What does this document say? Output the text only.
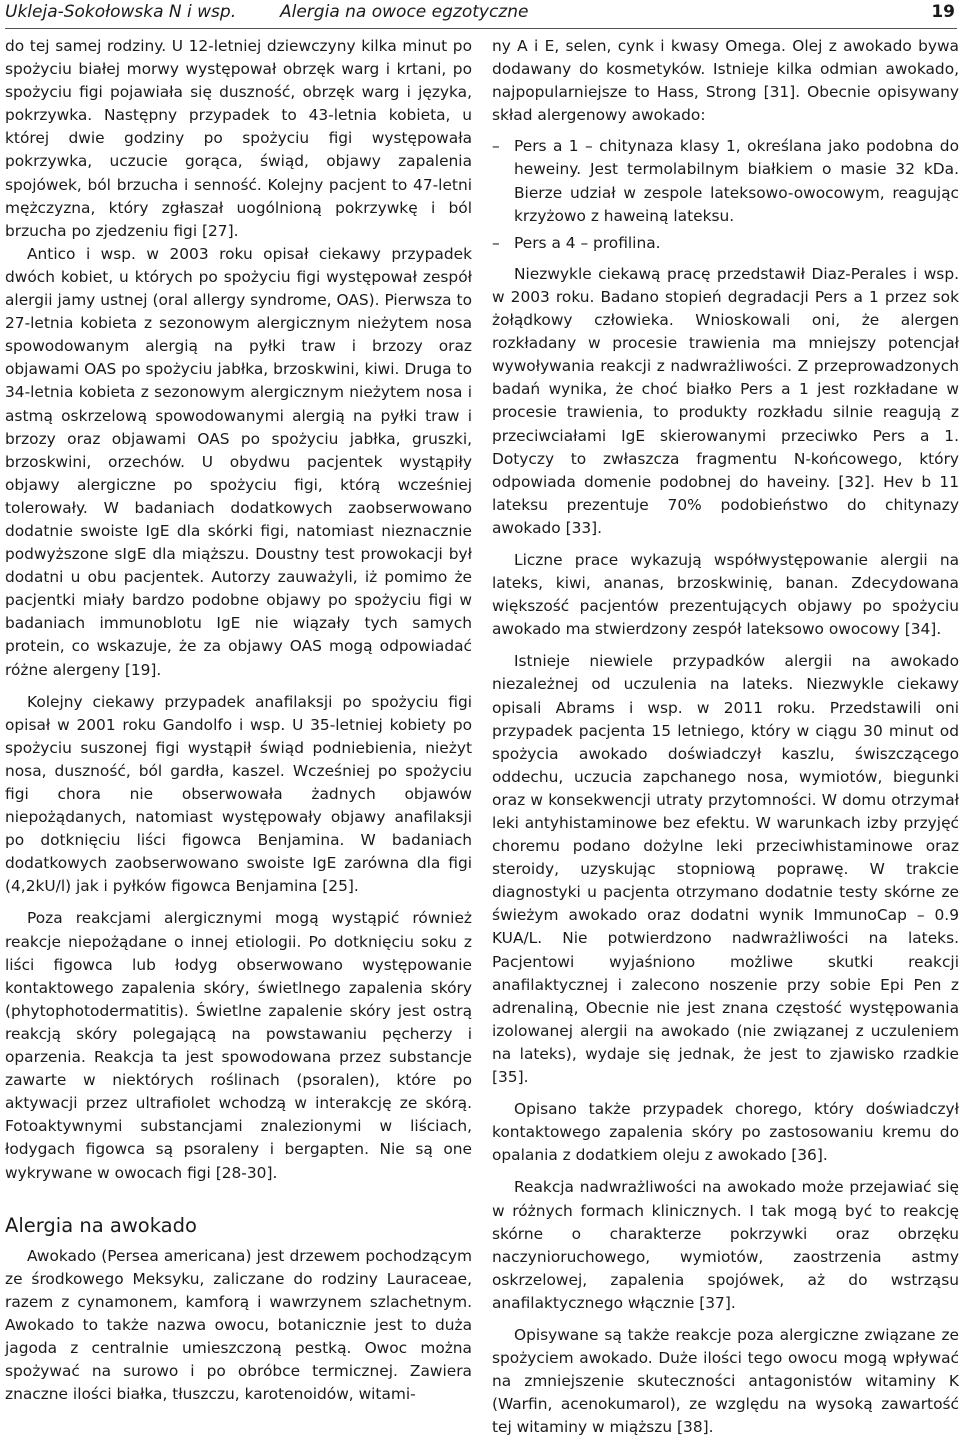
Ukleja-Sokołowska N i wsp.	Alergia na owoce egzotyczne	19

do tej samej rodziny. U 12-letniej dziewczyny kilka minut po spożyciu białej morwy występował obrzęk warg i krtani, po spożyciu figi pojawiała się duszność, obrzęk warg i języka, pokrzywka. Następny przypadek to 43-letnia kobieta, u której dwie godziny po spożyciu figi występowała pokrzywka, uczucie gorąca, świąd, objawy zapalenia spojówek, ból brzucha i senność. Kolejny pacjent to 47-letni mężczyzna, który zgłaszał uogólnioną pokrzywkę i ból brzucha po zjedzeniu figi [27].

Antico i wsp. w 2003 roku opisał ciekawy przypadek dwóch kobiet, u których po spożyciu figi występował zespół alergii jamy ustnej (oral allergy syndrome, OAS). Pierwsza to 27-letnia kobieta z sezonowym alergicznym nieżytem nosa spowodowanym alergią na pyłki traw i brzozy oraz objawami OAS po spożyciu jabłka, brzoskwini, kiwi. Druga to 34-letnia kobieta z sezonowym alergicznym nieżytem nosa i astmą oskrzelową spowodowanymi alergią na pyłki traw i brzozy oraz objawami OAS po spożyciu jabłka, gruszki, brzoskwini, orzechów. U obydwu pacjentek wystąpiły objawy alergiczne po spożyciu figi, którą wcześniej tolerowały. W badaniach dodatkowych zaobserwowano dodatnie swoiste IgE dla skórki figi, natomiast nieznacznie podwyższone sIgE dla miąższu. Doustny test prowokacji był dodatni u obu pacjentek. Autorzy zauważyli, iż pomimo że pacjentki miały bardzo podobne objawy po spożyciu figi w badaniach immunoblotu IgE nie wiązały tych samych protein, co wskazuje, że za objawy OAS mogą odpowiadać różne alergeny [19].

Kolejny ciekawy przypadek anafilaksji po spożyciu figi opisał w 2001 roku Gandolfo i wsp. U 35-letniej kobiety po spożyciu suszonej figi wystąpił świąd podniebienia, nieżyt nosa, duszność, ból gardła, kaszel. Wcześniej po spożyciu figi chora nie obserwowała żadnych objawów niepożądanych, natomiast występowały objawy anafilaksji po dotknięciu liści figowca Benjamina. W badaniach dodatkowych zaobserwowano swoiste IgE zarówna dla figi (4,2kU/l) jak i pyłków figowca Benjamina [25].

Poza reakcjami alergicznymi mogą wystąpić również reakcje niepożądane o innej etiologii. Po dotknięciu soku z liści figowca lub łodyg obserwowano występowanie kontaktowego zapalenia skóry, świetlnego zapalenia skóry (phytophotodermatitis). Świetlne zapalenie skóry jest ostrą reakcją skóry polegającą na powstawaniu pęcherzy i oparzenia. Reakcja ta jest spowodowana przez substancje zawarte w niektórych roślinach (psoralen), które po aktywacji przez ultrafiolet wchodzą w interakcję ze skórą. Fotoaktywnymi substancjami znalezionymi w liściach, łodygach figowca są psoraleny i bergapten. Nie są one wykrywane w owocach figi [28-30].

Alergia na awokado

Awokado (Persea americana) jest drzewem pochodzącym ze środkowego Meksyku, zaliczane do rodziny Lauraceae, razem z cynamonem, kamforą i wawrzynem szlachetnym. Awokado to także nazwa owocu, botanicznie jest to duża jagoda z centralnie umieszczoną pestką. Owoc można spożywać na surowo i po obróbce termicznej. Zawiera znaczne ilości białka, tłuszczu, karotenoidów, witami-

ny A i E, selen, cynk i kwasy Omega. Olej z awokado bywa dodawany do kosmetyków. Istnieje kilka odmian awokado, najpopularniejsze to Hass, Strong [31]. Obecnie opisywany skład alergenowy awokado:

– Pers a 1 – chitynaza klasy 1, określana jako podobna do heweiny. Jest termolabilnym białkiem o masie 32 kDa. Bierze udział w zespole lateksowo-owocowym, reagując krzyżowo z haweiną lateksu.
– Pers a 4 – profilina.

Niezwykle ciekawą pracę przedstawił Diaz-Perales i wsp. w 2003 roku. Badano stopień degradacji Pers a 1 przez sok żołądkowy człowieka. Wnioskowali oni, że alergen rozkładany w procesie trawienia ma mniejszy potencjał wywoływania reakcji z nadwrażliwości. Z przeprowadzonych badań wynika, że choć białko Pers a 1 jest rozkładane w procesie trawienia, to produkty rozkładu silnie reagują z przeciwciałami IgE skierowanymi przeciwko Pers a 1. Dotyczy to zwłaszcza fragmentu N-końcowego, który odpowiada domenie podobnej do haveiny. [32]. Hev b 11 lateksu prezentuje 70% podobieństwo do chitynazy awokado [33].

Liczne prace wykazują współwystępowanie alergii na lateks, kiwi, ananas, brzoskwinię, banan. Zdecydowana większość pacjentów prezentujących objawy po spożyciu awokado ma stwierdzony zespół lateksowo owocowy [34].

Istnieje niewiele przypadków alergii na awokado niezależnej od uczulenia na lateks. Niezwykle ciekawy opisali Abrams i wsp. w 2011 roku. Przedstawili oni przypadek pacjenta 15 letniego, który w ciągu 30 minut od spożycia awokado doświadczył kaszlu, świszczącego oddechu, uczucia zapchanego nosa, wymiotów, biegunki oraz w konsekwencji utraty przytomności. W domu otrzymał leki antyhistaminowe bez efektu. W warunkach izby przyjęć choremu podano dożylne leki przeciwhistaminowe oraz steroidy, uzyskując stopniową poprawę. W trakcie diagnostyki u pacjenta otrzymano dodatnie testy skórne ze świeżym awokado oraz dodatni wynik ImmunoCap – 0.9 KUA/L. Nie potwierdzono nadwrażliwości na lateks. Pacjentowi wyjaśniono możliwe skutki reakcji anafilaktycznej i zalecono noszenie przy sobie Epi Pen z adrenaliną, Obecnie nie jest znana częstość występowania izolowanej alergii na awokado (nie związanej z uczuleniem na lateks), wydaje się jednak, że jest to zjawisko rzadkie [35].

Opisano także przypadek chorego, który doświadczył kontaktowego zapalenia skóry po zastosowaniu kremu do opalania z dodatkiem oleju z awokado [36].

Reakcja nadwrażliwości na awokado może przejawiać się w różnych formach klinicznych. I tak mogą być to reakcję skórne o charakterze pokrzywki oraz obrzęku naczynioruchowego, wymiotów, zaostrzenia astmy oskrzelowej, zapalenia spojówek, aż do wstrząsu anafilaktycznego włącznie [37].

Opisywane są także reakcje poza alergiczne związane ze spożyciem awokado. Duże ilości tego owocu mogą wpływać na zmniejszenie skuteczności antagonistów witaminy K (Warfin, acenokumarol), ze względu na wysoką zawartość tej witaminy w miąższu [38].
